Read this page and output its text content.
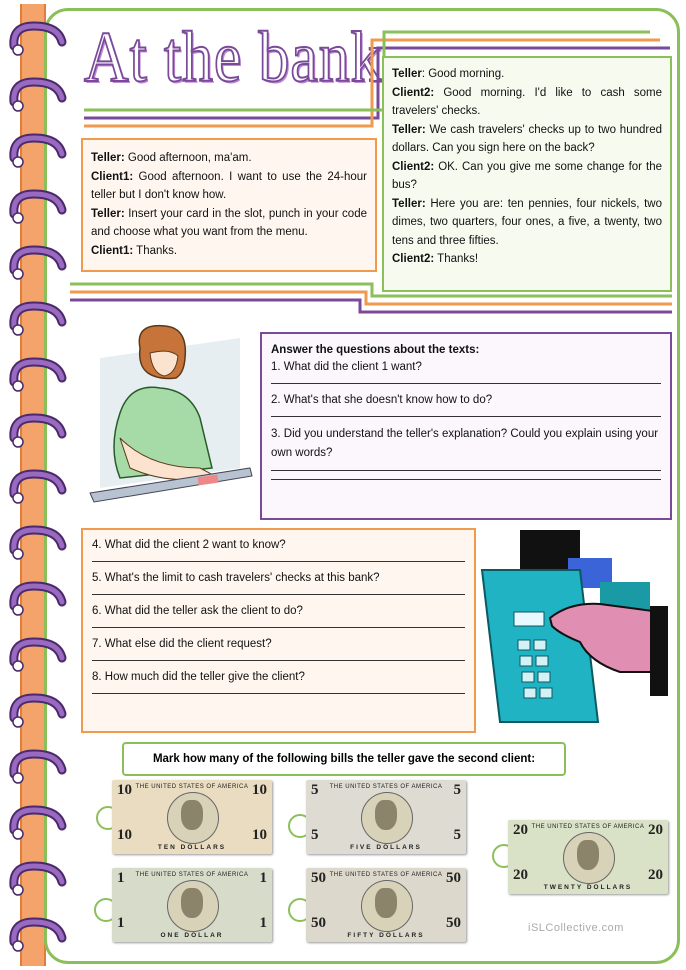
At the bank

Teller: Good afternoon, ma'am.

Client1: Good afternoon. I want to use the 24-hour teller but I don't know how.

Teller: Insert your card in the slot, punch in your code and choose what you want from the menu.

Client1: Thanks.

Teller: Good morning.

Client2: Good morning. I'd like to cash some travelers' checks.

Teller: We cash travelers' checks up to two hundred dollars. Can you sign here on the back?

Client2: OK. Can you give me some change for the bus?

Teller: Here you are: ten pennies, four nickels, two dimes, two quarters, four ones, a five, a twenty, two tens and three fifties.

Client2: Thanks!

Answer the questions about the texts:

1. What did the client 1 want?

2. What's that she doesn't know how to do?

3. Did you understand the teller's explanation? Could you explain using your own words?

4. What did the client 2 want to know?

5. What's the limit to cash travelers' checks at this bank?

6. What did the teller ask the client to do?

7. What else did the client request?

8. How much did the teller give the client?

Mark how many of the following bills the teller gave the second client:
THE UNITED STATES OF AMERICA
10	10
10	10
TEN DOLLARS
THE UNITED STATES OF AMERICA
5	5
5	5
FIVE DOLLARS
THE UNITED STATES OF AMERICA
20	20
20	20
TWENTY DOLLARS
THE UNITED STATES OF AMERICA
1	1
1	1
ONE DOLLAR
THE UNITED STATES OF AMERICA
50	50
50	50
FIFTY DOLLARS
iSLCollective.com
